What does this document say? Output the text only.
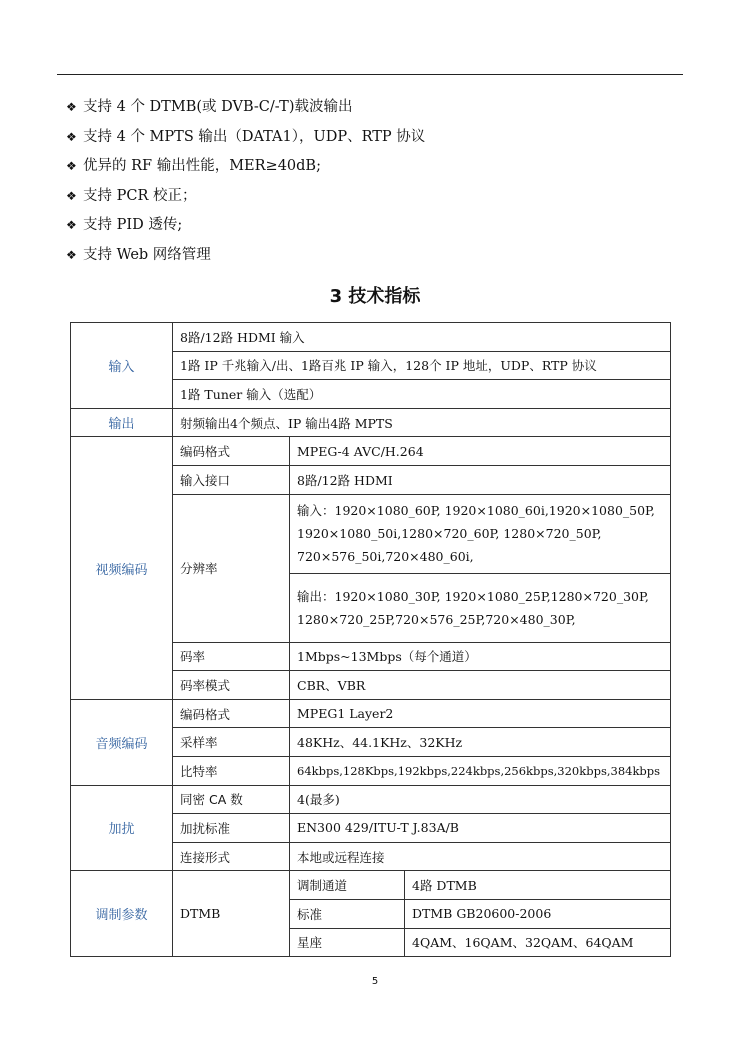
❖ 支持 4 个 DTMB(或 DVB-C/-T)载波输出
❖ 支持 4 个 MPTS 输出（DATA1），UDP、RTP 协议
❖ 优异的 RF 输出性能，MER≥40dB;
❖ 支持 PCR 校正；
❖ 支持 PID 透传;
❖ 支持 Web 网络管理
3 技术指标
输入	8路/12路 HDMI 输入		
	1路 IP 千兆输入/出、1路百兆 IP 输入，128个 IP 地址，UDP、RTP 协议		
	1路 Tuner 输入（选配）		
输出	射频输出4个频点、IP 输出4路 MPTS		
视频编码	编码格式	MPEG-4 AVC/H.264	
	输入接口	8路/12路 HDMI	
	分辨率	输入：1920×1080_60P, 1920×1080_60i,1920×1080_50P,
1920×1080_50i,1280×720_60P, 1280×720_50P,
720×576_50i,720×480_60i,	

		输出：1920×1080_30P, 1920×1080_25P,1280×720_30P,
1280×720_25P,720×576_25P,720×480_30P,	

	码率	1Mbps~13Mbps（每个通道）	
	码率模式	CBR、VBR	
音频编码	编码格式	MPEG1 Layer2	
	采样率	48KHz、44.1KHz、32KHz	
	比特率	64kbps,128Kbps,192kbps,224kbps,256kbps,320kbps,384kbps	
加扰	同密 CA 数	4(最多)	
	加扰标准	EN300 429/ITU-T J.83A/B	
	连接形式	本地或远程连接	
调制参数	DTMB	调制通道	4路 DTMB
		标准	DTMB GB20600-2006
		星座	4QAM、16QAM、32QAM、64QAM
5
